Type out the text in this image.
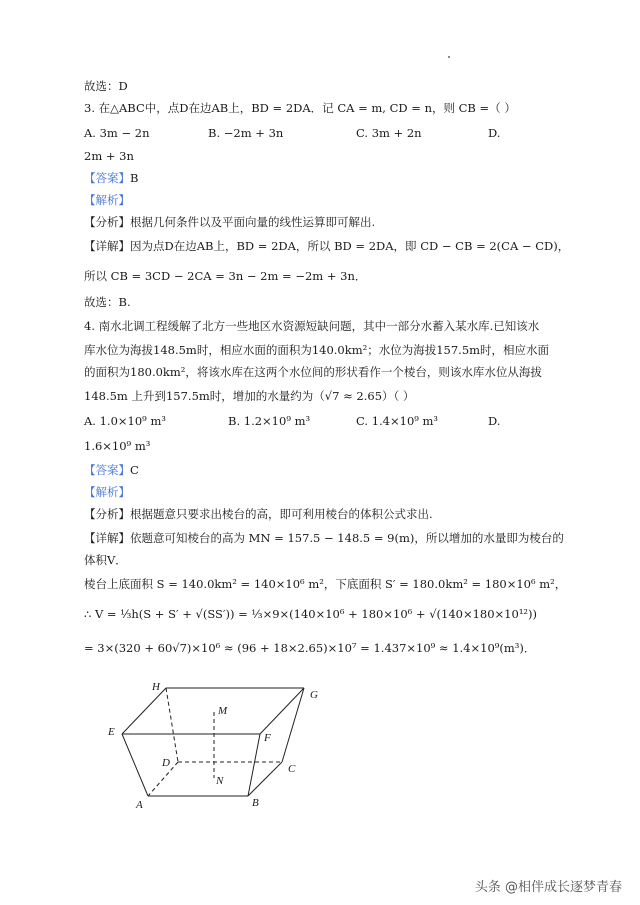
故选：D
3. 在△ABC中，点D在边AB上，BD = 2DA．记 CA = m, CD = n，则 CB =（ ）
A. 3m − 2n	B. −2m + 3n	C. 3m + 2n	D.
2m + 3n
【答案】B
【解析】
【分析】根据几何条件以及平面向量的线性运算即可解出.
【详解】因为点D在边AB上，BD = 2DA，所以 BD = 2DA，即 CD − CB = 2(CA − CD)，
所以 CB = 3CD − 2CA = 3n − 2m = −2m + 3n．
故选：B.
4. 南水北调工程缓解了北方一些地区水资源短缺问题，其中一部分水蓄入某水库.已知该水
库水位为海拔148.5m时，相应水面的面积为140.0km²；水位为海拔157.5m时，相应水面
的面积为180.0km²，将该水库在这两个水位间的形状看作一个棱台，则该水库水位从海拔
148.5m 上升到157.5m时，增加的水量约为（√7 ≈ 2.65）（ ）
A. 1.0×10⁹ m³	B. 1.2×10⁹ m³	C. 1.4×10⁹ m³	D.
1.6×10⁹ m³
【答案】C
【解析】
【分析】根据题意只要求出棱台的高，即可利用棱台的体积公式求出.
【详解】依题意可知棱台的高为 MN = 157.5 − 148.5 = 9(m)，所以增加的水量即为棱台的
体积V．
棱台上底面积 S = 140.0km² = 140×10⁶ m²，下底面积 S′ = 180.0km² = 180×10⁶ m²，
∴ V = ⅓h(S + S′ + √(SS′)) = ⅓×9×(140×10⁶ + 180×10⁶ + √(140×180×10¹²))
= 3×(320 + 60√7)×10⁶ ≈ (96 + 18×2.65)×10⁷ = 1.437×10⁹ ≈ 1.4×10⁹(m³)．
H
G
M
E	F
D	C
N
A	B
头条 @相伴成长逐梦青春
